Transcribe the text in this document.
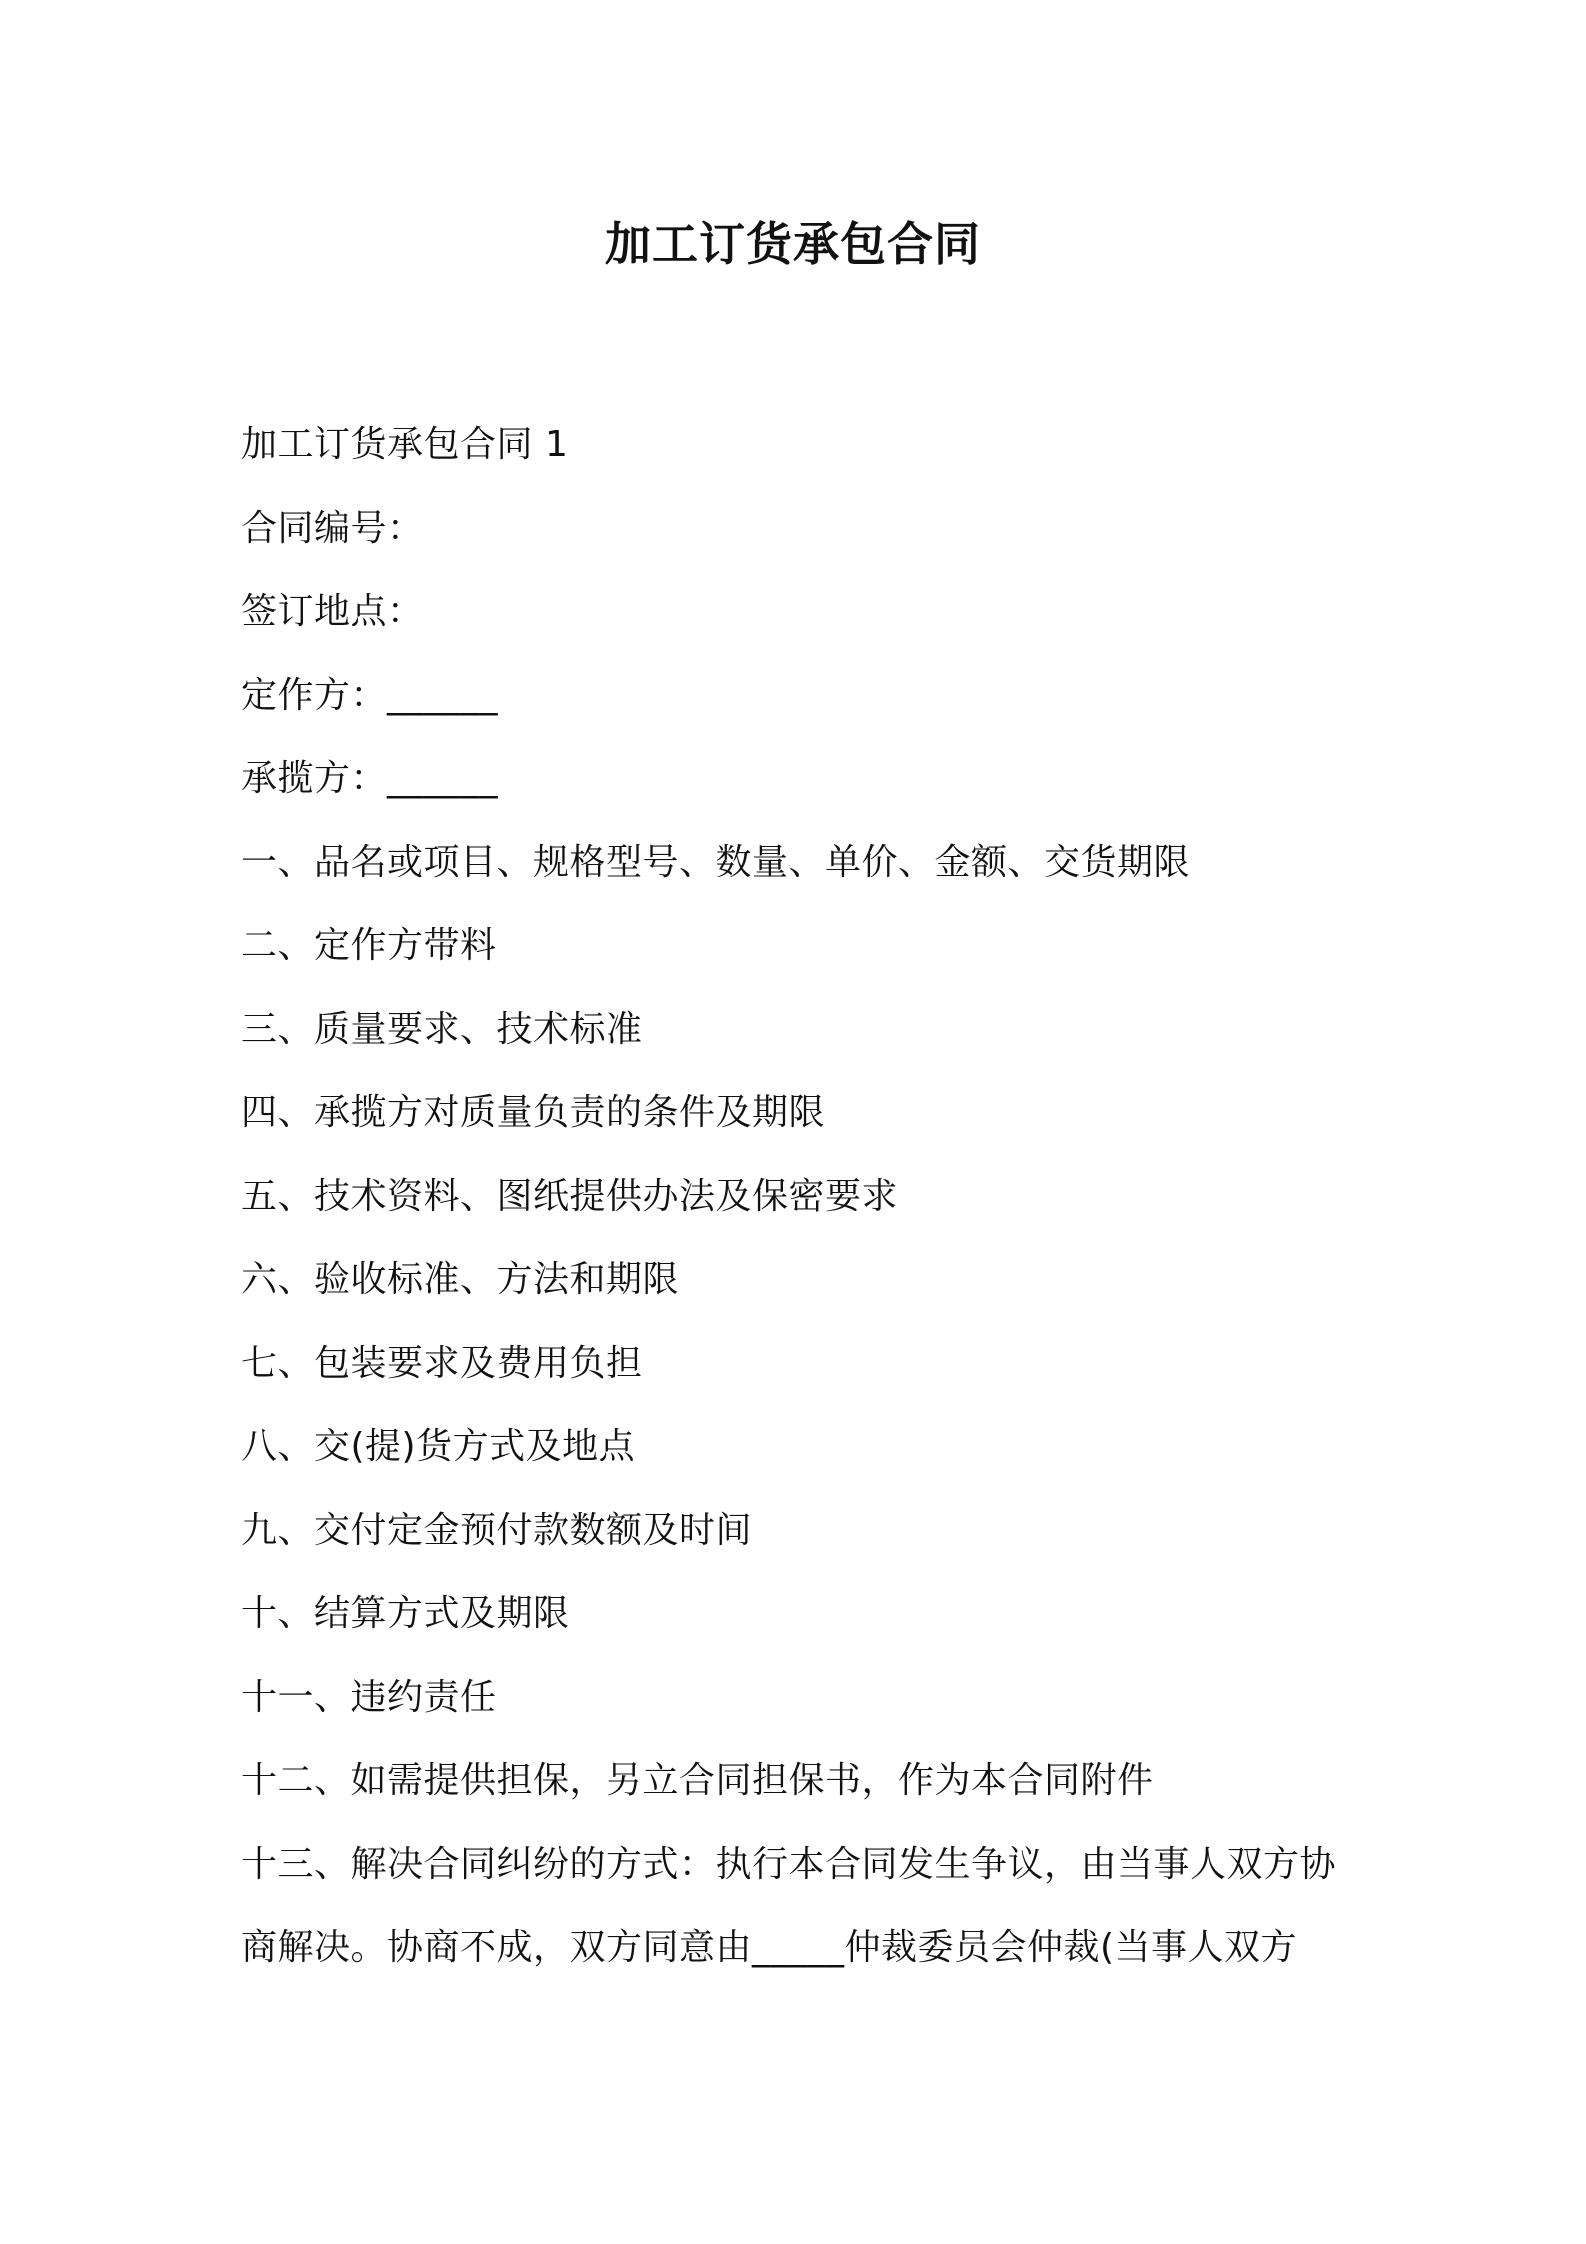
加工订货承包合同
加工订货承包合同 1
合同编号：
签订地点：
定作方：______
承揽方：______
一、品名或项目、规格型号、数量、单价、金额、交货期限
二、定作方带料
三、质量要求、技术标准
四、承揽方对质量负责的条件及期限
五、技术资料、图纸提供办法及保密要求
六、验收标准、方法和期限
七、包装要求及费用负担
八、交(提)货方式及地点
九、交付定金预付款数额及时间
十、结算方式及期限
十一、违约责任
十二、如需提供担保，另立合同担保书，作为本合同附件
十三、解决合同纠纷的方式：执行本合同发生争议，由当事人双方协
商解决。协商不成，双方同意由_____仲裁委员会仲裁(当事人双方
